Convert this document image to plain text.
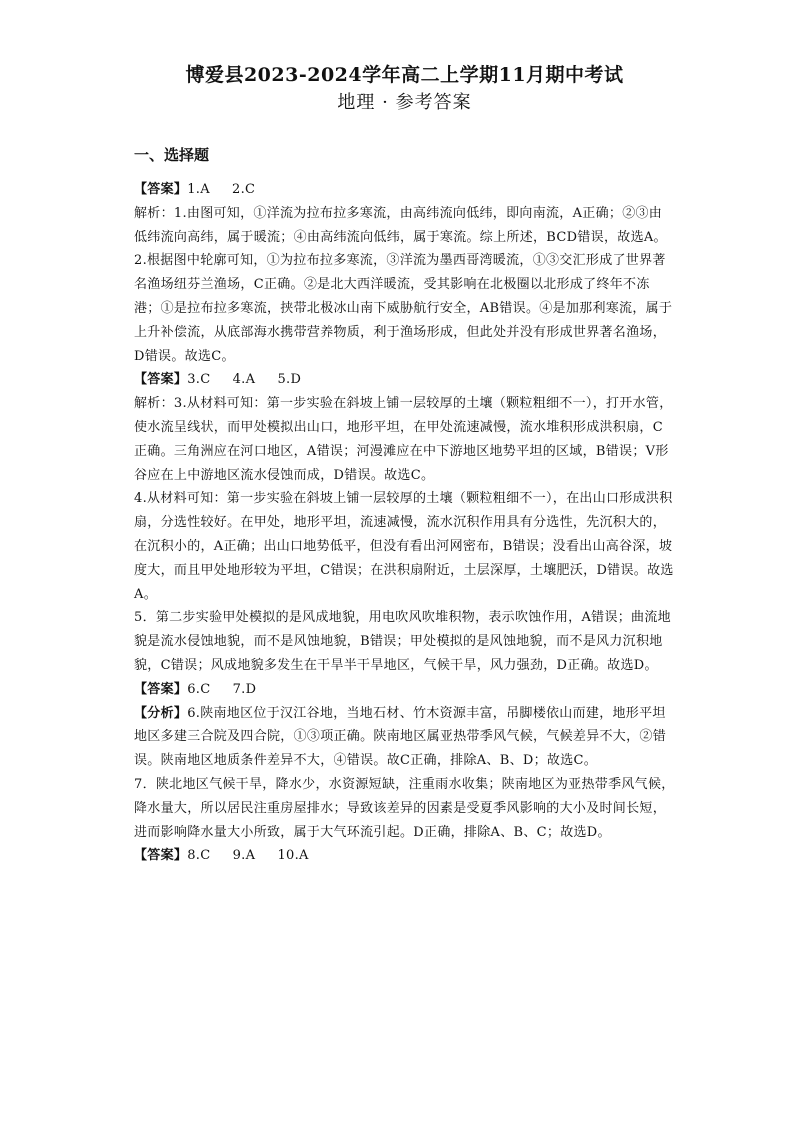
博爱县2023-2024学年高二上学期11月期中考试
地理 · 参考答案
一、选择题

【答案】1.A     2.C

解析：1.由图可知，①洋流为拉布拉多寒流，由高纬流向低纬，即向南流，A正确；②③由低纬流向高纬，属于暖流；④由高纬流向低纬，属于寒流。综上所述，BCD错误，故选A。

2.根据图中轮廓可知，①为拉布拉多寒流，③洋流为墨西哥湾暖流，①③交汇形成了世界著名渔场纽芬兰渔场，C正确。②是北大西洋暖流，受其影响在北极圈以北形成了终年不冻港；①是拉布拉多寒流，挟带北极冰山南下威胁航行安全，AB错误。④是加那利寒流，属于上升补偿流，从底部海水携带营养物质，利于渔场形成，但此处并没有形成世界著名渔场，D错误。故选C。

【答案】3.C     4.A     5.D

解析：3.从材料可知：第一步实验在斜坡上铺一层较厚的土壤（颗粒粗细不一），打开水管，使水流呈线状，而甲处模拟出山口，地形平坦，在甲处流速减慢，流水堆积形成洪积扇，C正确。三角洲应在河口地区，A错误；河漫滩应在中下游地区地势平坦的区域，B错误；V形谷应在上中游地区流水侵蚀而成，D错误。故选C。

4.从材料可知：第一步实验在斜坡上铺一层较厚的土壤（颗粒粗细不一），在出山口形成洪积扇，分选性较好。在甲处，地形平坦，流速减慢，流水沉积作用具有分选性，先沉积大的，在沉积小的，A正确；出山口地势低平，但没有看出河网密布，B错误；没看出山高谷深，坡度大，而且甲处地形较为平坦，C错误；在洪积扇附近，土层深厚，土壤肥沃，D错误。故选A。

5．第二步实验甲处模拟的是风成地貌，用电吹风吹堆积物，表示吹蚀作用，A错误；曲流地貌是流水侵蚀地貌，而不是风蚀地貌，B错误；甲处模拟的是风蚀地貌，而不是风力沉积地貌，C错误；风成地貌多发生在干旱半干旱地区，气候干旱，风力强劲，D正确。故选D。

【答案】6.C     7.D

【分析】6.陕南地区位于汉江谷地，当地石材、竹木资源丰富，吊脚楼依山而建，地形平坦地区多建三合院及四合院，①③项正确。陕南地区属亚热带季风气候，气候差异不大，②错误。陕南地区地质条件差异不大，④错误。故C正确，排除A、B、D；故选C。

7．陕北地区气候干旱，降水少，水资源短缺，注重雨水收集；陕南地区为亚热带季风气候，降水量大，所以居民注重房屋排水；导致该差异的因素是受夏季风影响的大小及时间长短，进而影响降水量大小所致，属于大气环流引起。D正确，排除A、B、C；故选D。

【答案】8.C     9.A     10.A
